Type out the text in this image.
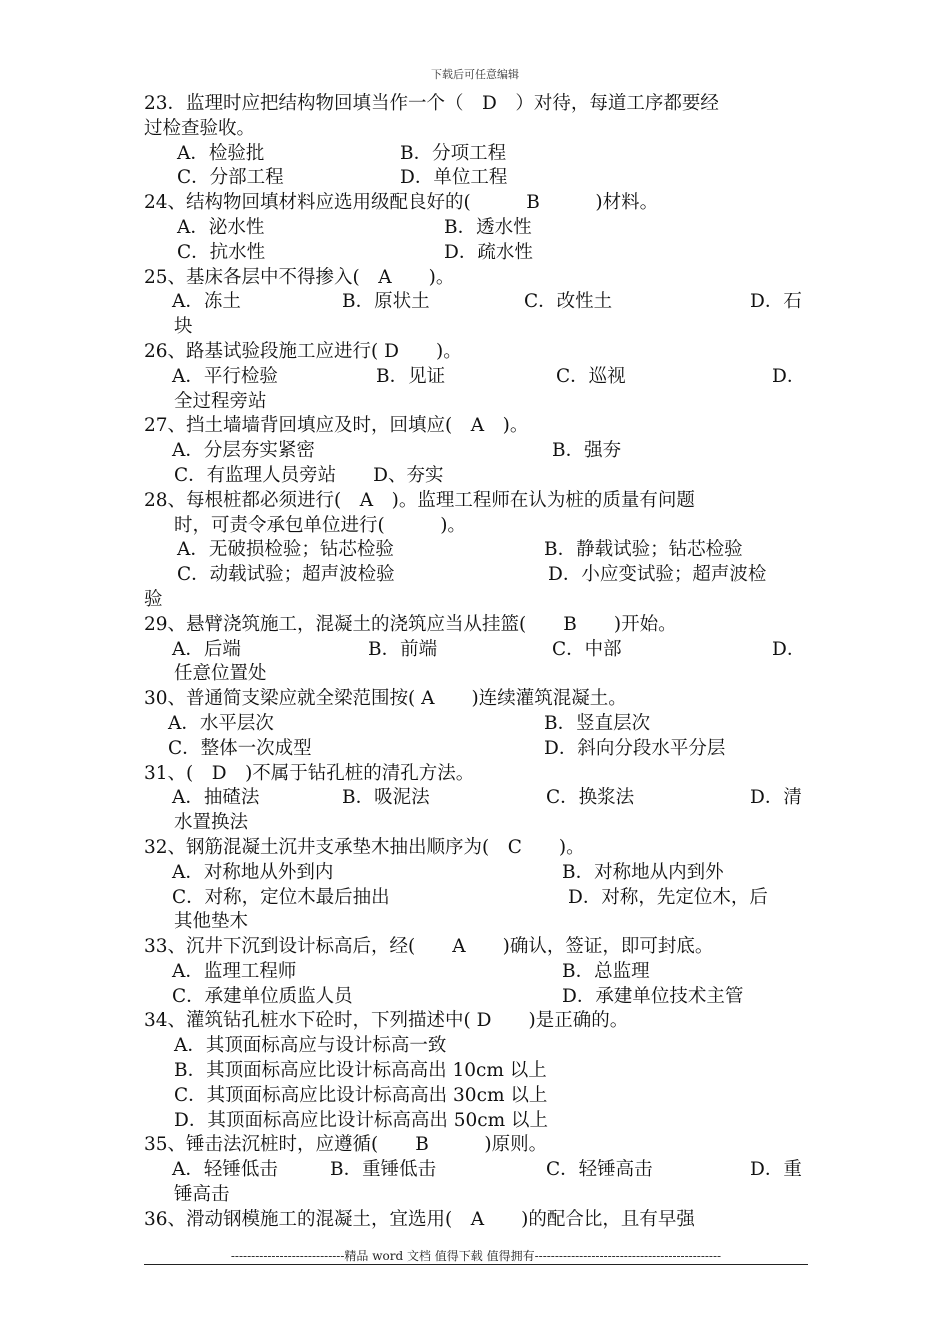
下载后可任意编辑
23．监理时应把结构物回填当作一个（　D　）对待，每道工序都要经
过检查验收。
A．检验批	B．分项工程
C．分部工程	D．单位工程
24、结构物回填材料应选用级配良好的(　　　B　　　)材料。
A．泌水性	B．透水性
C．抗水性	D．疏水性
25、基床各层中不得掺入(　A　　)。
A．冻土	B．原状土	C．改性土	D．石
块
26、路基试验段施工应进行( D　　)。
A．平行检验	B．见证	C．巡视	D．
全过程旁站
27、挡土墙墙背回填应及时，回填应(　A　)。
A．分层夯实紧密	B．强夯
C．有监理人员旁站　　D、夯实
28、每根桩都必须进行(　A　)。监理工程师在认为桩的质量有问题
时，可责令承包单位进行(　　　)。
A．无破损检验；钻芯检验	B．静载试验；钻芯检验
C．动载试验；超声波检验	D．小应变试验；超声波检
验
29、悬臂浇筑施工，混凝土的浇筑应当从挂篮(　　B　　)开始。
A．后端	B．前端	C．中部	D．
任意位置处
30、普通简支梁应就全梁范围按( A　　)连续灌筑混凝土。
A．水平层次	B．竖直层次
C．整体一次成型	D．斜向分段水平分层
31、(　D　)不属于钻孔桩的清孔方法。
A．抽碴法	B．吸泥法	C．换浆法	D．清
水置换法
32、钢筋混凝土沉井支承垫木抽出顺序为(　C　　)。
A．对称地从外到内	B．对称地从内到外
C．对称，定位木最后抽出	D．对称，先定位木，后
其他垫木
33、沉井下沉到设计标高后，经(　　A　　)确认，签证，即可封底。
A．监理工程师	B．总监理
C．承建单位质监人员	D．承建单位技术主管
34、灌筑钻孔桩水下砼时，下列描述中( D　　)是正确的。
A．其顶面标高应与设计标高一致
B．其顶面标高应比设计标高高出 10cm 以上
C．其顶面标高应比设计标高高出 30cm 以上
D．其顶面标高应比设计标高高出 50cm 以上
35、锤击法沉桩时，应遵循(　　B　　　)原则。
A．轻锤低击	B．重锤低击	C．轻锤高击	D．重
锤高击
36、滑动钢模施工的混凝土，宜选用(　A　　)的配合比，且有早强
----------------------------精品 word 文档 值得下载 值得拥有----------------------------------------------
